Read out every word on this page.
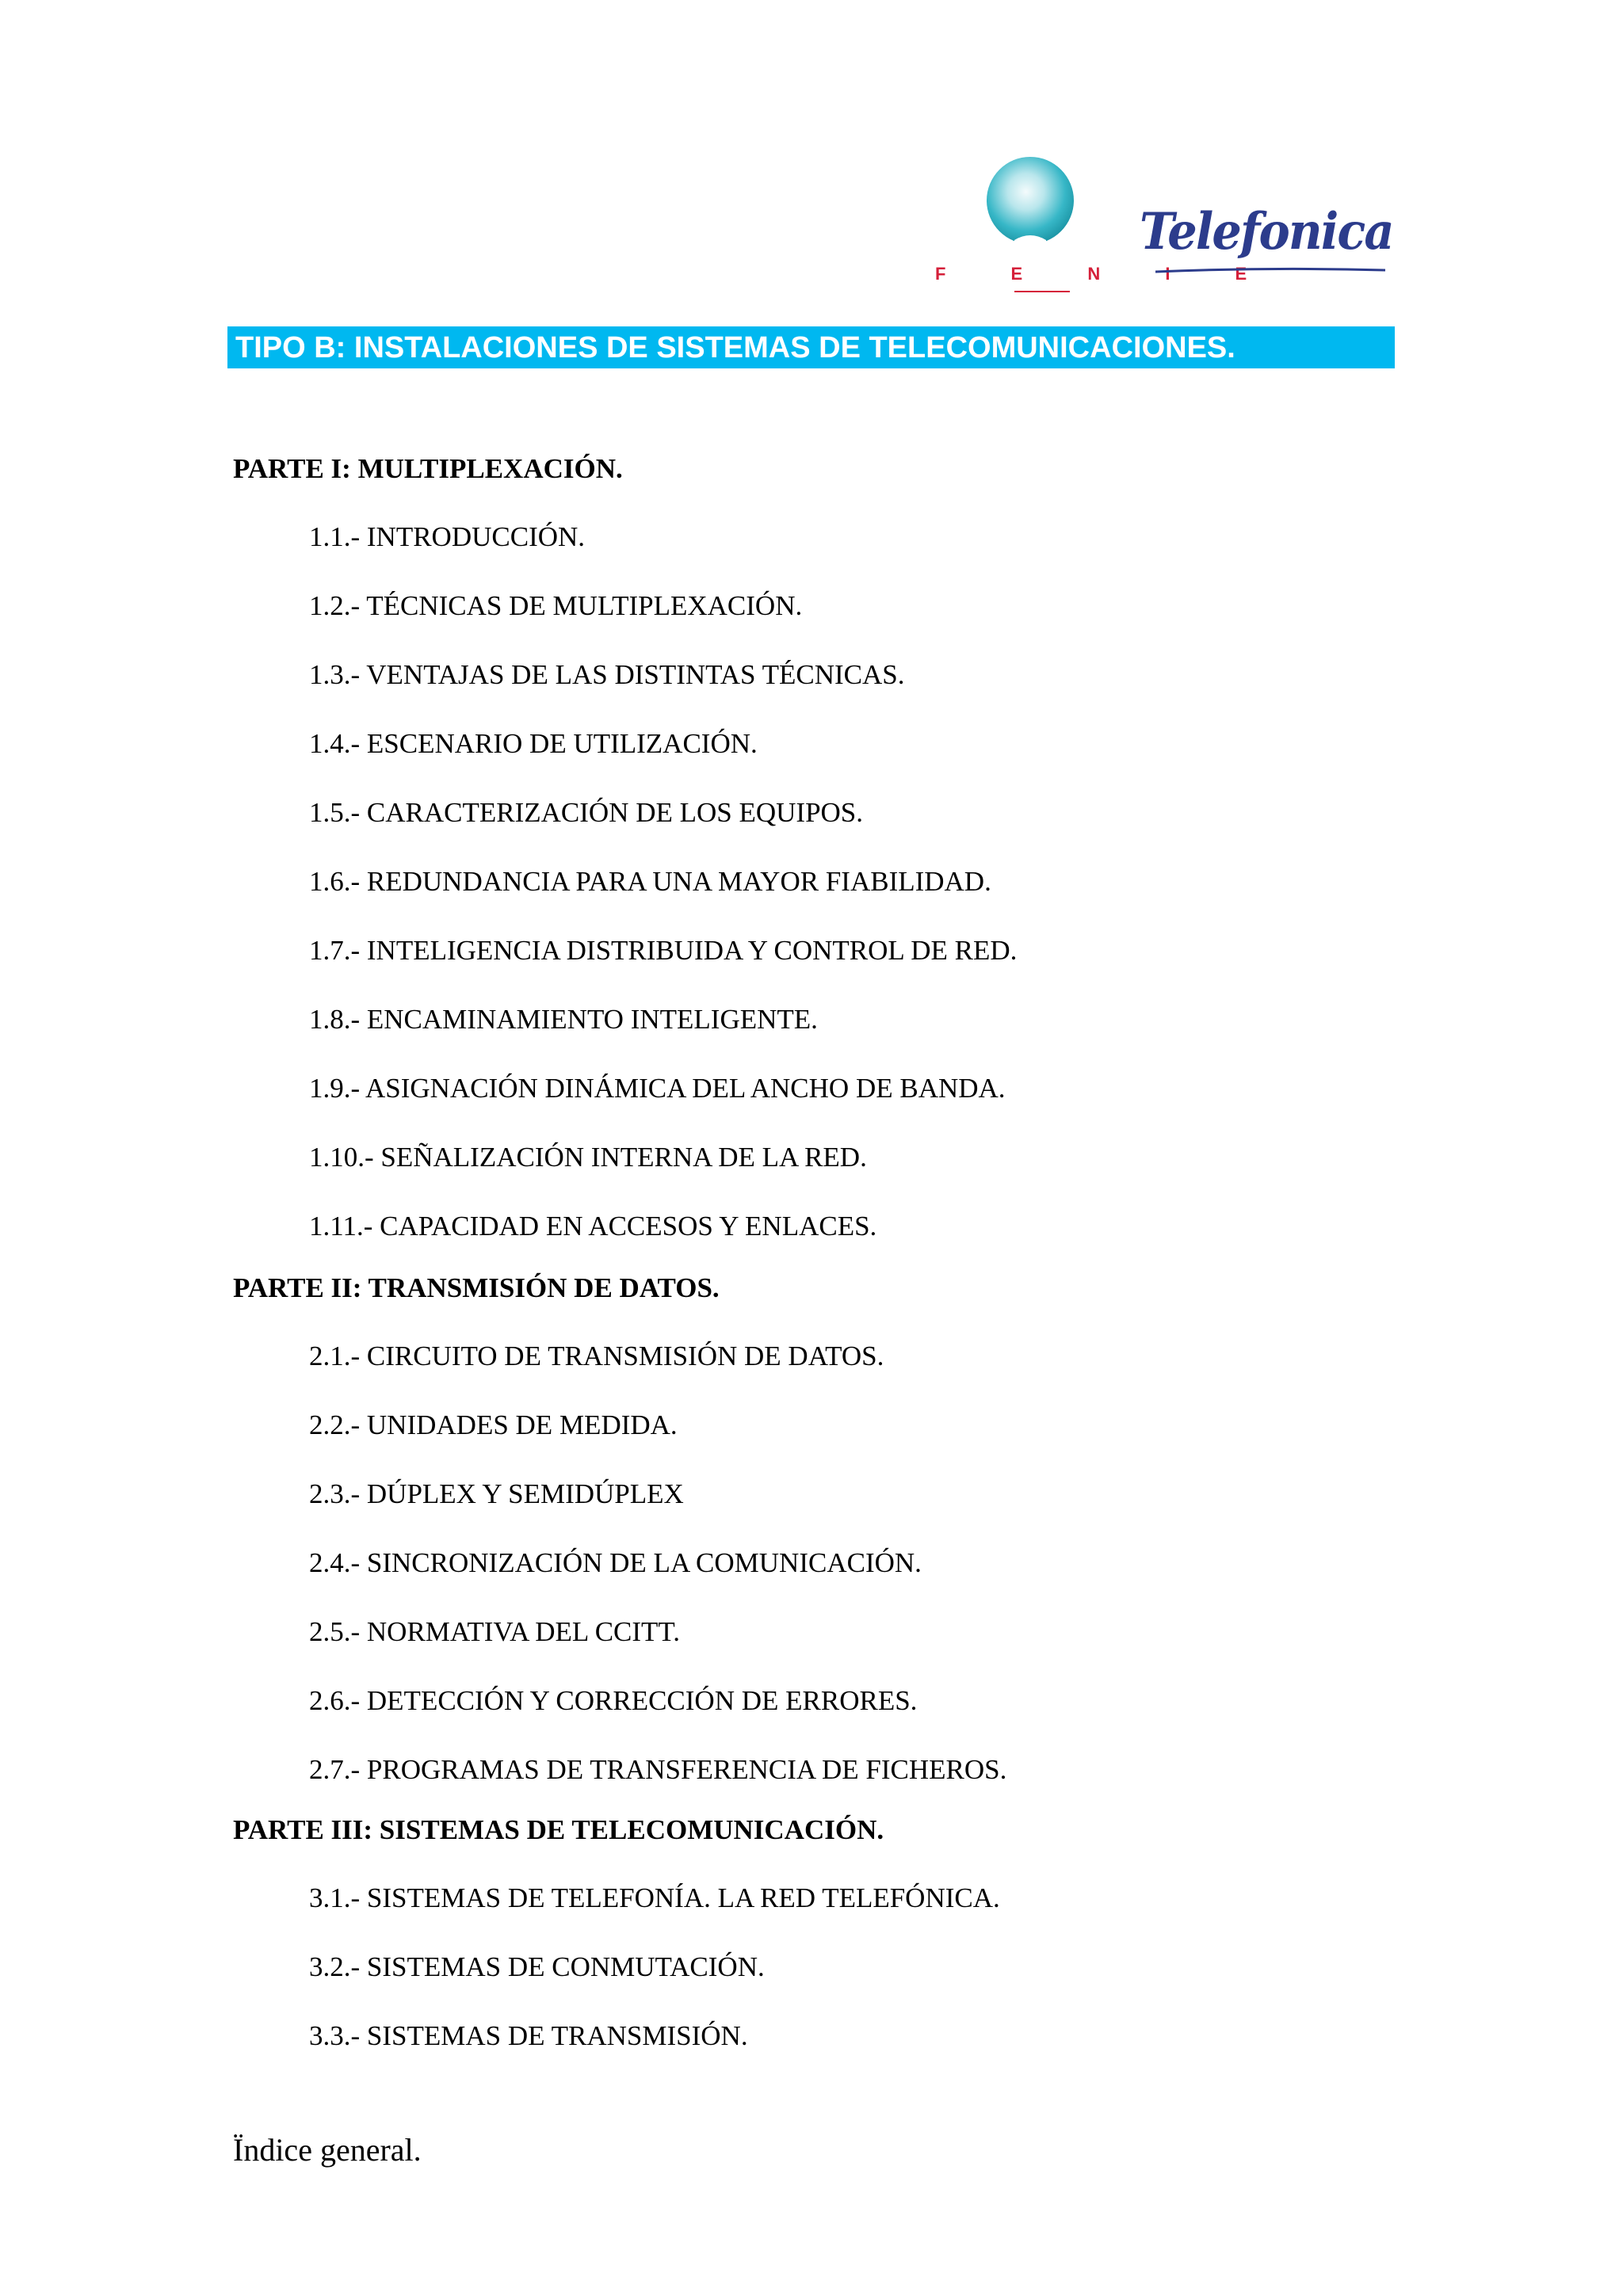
F E N I E
Telefonica
TIPO B: INSTALACIONES DE SISTEMAS DE TELECOMUNICACIONES.
PARTE I: MULTIPLEXACIÓN.
1.1.- INTRODUCCIÓN.
1.2.- TÉCNICAS DE MULTIPLEXACIÓN.
1.3.- VENTAJAS DE LAS DISTINTAS TÉCNICAS.
1.4.- ESCENARIO DE UTILIZACIÓN.
1.5.- CARACTERIZACIÓN DE LOS EQUIPOS.
1.6.- REDUNDANCIA PARA UNA MAYOR FIABILIDAD.
1.7.- INTELIGENCIA DISTRIBUIDA Y CONTROL DE RED.
1.8.- ENCAMINAMIENTO INTELIGENTE.
1.9.- ASIGNACIÓN DINÁMICA DEL ANCHO DE BANDA.
1.10.- SEÑALIZACIÓN INTERNA DE LA RED.
1.11.- CAPACIDAD EN ACCESOS Y ENLACES.
PARTE II: TRANSMISIÓN DE DATOS.
2.1.- CIRCUITO DE TRANSMISIÓN DE DATOS.
2.2.- UNIDADES DE MEDIDA.
2.3.- DÚPLEX Y SEMIDÚPLEX
2.4.- SINCRONIZACIÓN DE LA COMUNICACIÓN.
2.5.- NORMATIVA DEL CCITT.
2.6.- DETECCIÓN Y CORRECCIÓN DE ERRORES.
2.7.- PROGRAMAS DE TRANSFERENCIA DE FICHEROS.
PARTE III: SISTEMAS DE TELECOMUNICACIÓN.
3.1.- SISTEMAS DE TELEFONÍA. LA RED TELEFÓNICA.
3.2.- SISTEMAS DE CONMUTACIÓN.
3.3.- SISTEMAS DE TRANSMISIÓN.
Ïndice general.
